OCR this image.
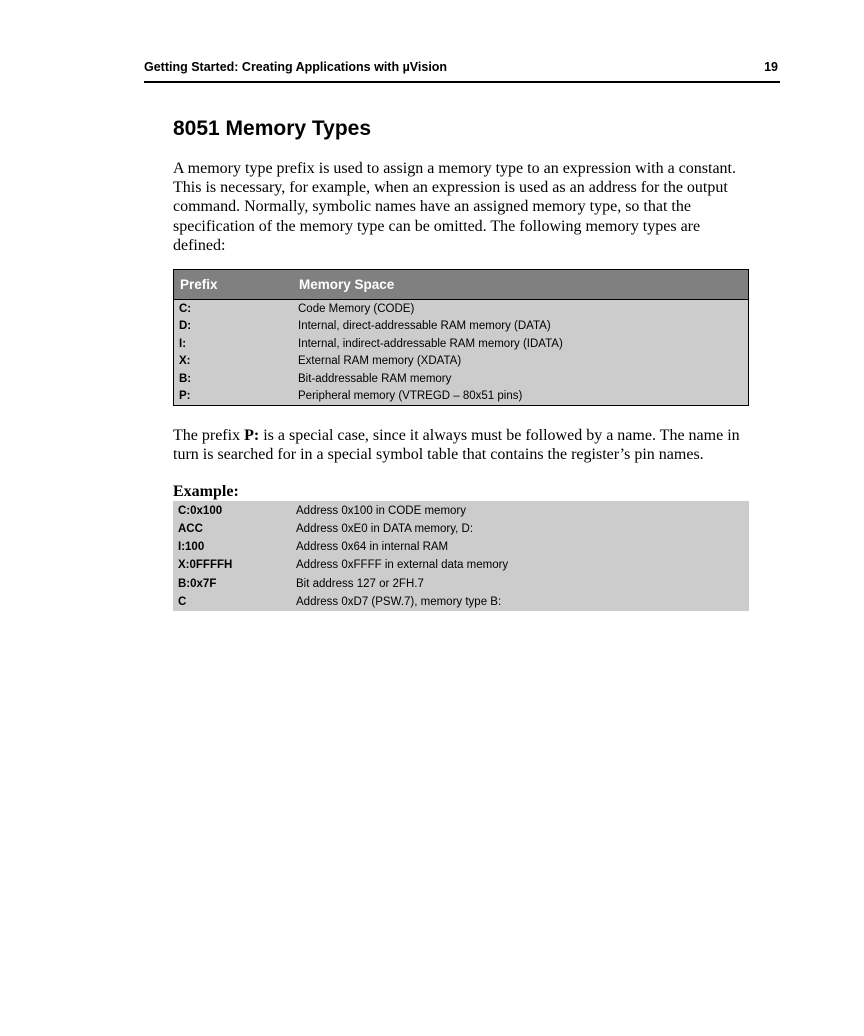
Getting Started: Creating Applications with µVision	19
8051 Memory Types

A memory type prefix is used to assign a memory type to an expression with a constant. This is necessary, for example, when an expression is used as an address for the output command. Normally, symbolic names have an assigned memory type, so that the specification of the memory type can be omitted. The following memory types are defined:

Prefix	Memory Space
C:	Code Memory (CODE)
D:	Internal, direct-addressable RAM memory (DATA)
I:	Internal, indirect-addressable RAM memory (IDATA)
X:	External RAM memory (XDATA)
B:	Bit-addressable RAM memory
P:	Peripheral memory (VTREGD – 80x51 pins)

The prefix P: is a special case, since it always must be followed by a name. The name in turn is searched for in a special symbol table that contains the register’s pin names.

Example:
C:0x100	Address 0x100 in CODE memory
ACC	Address 0xE0 in DATA memory, D:
I:100	Address 0x64 in internal RAM
X:0FFFFH	Address 0xFFFF in external data memory
B:0x7F	Bit address 127 or 2FH.7
C	Address 0xD7 (PSW.7), memory type B:
